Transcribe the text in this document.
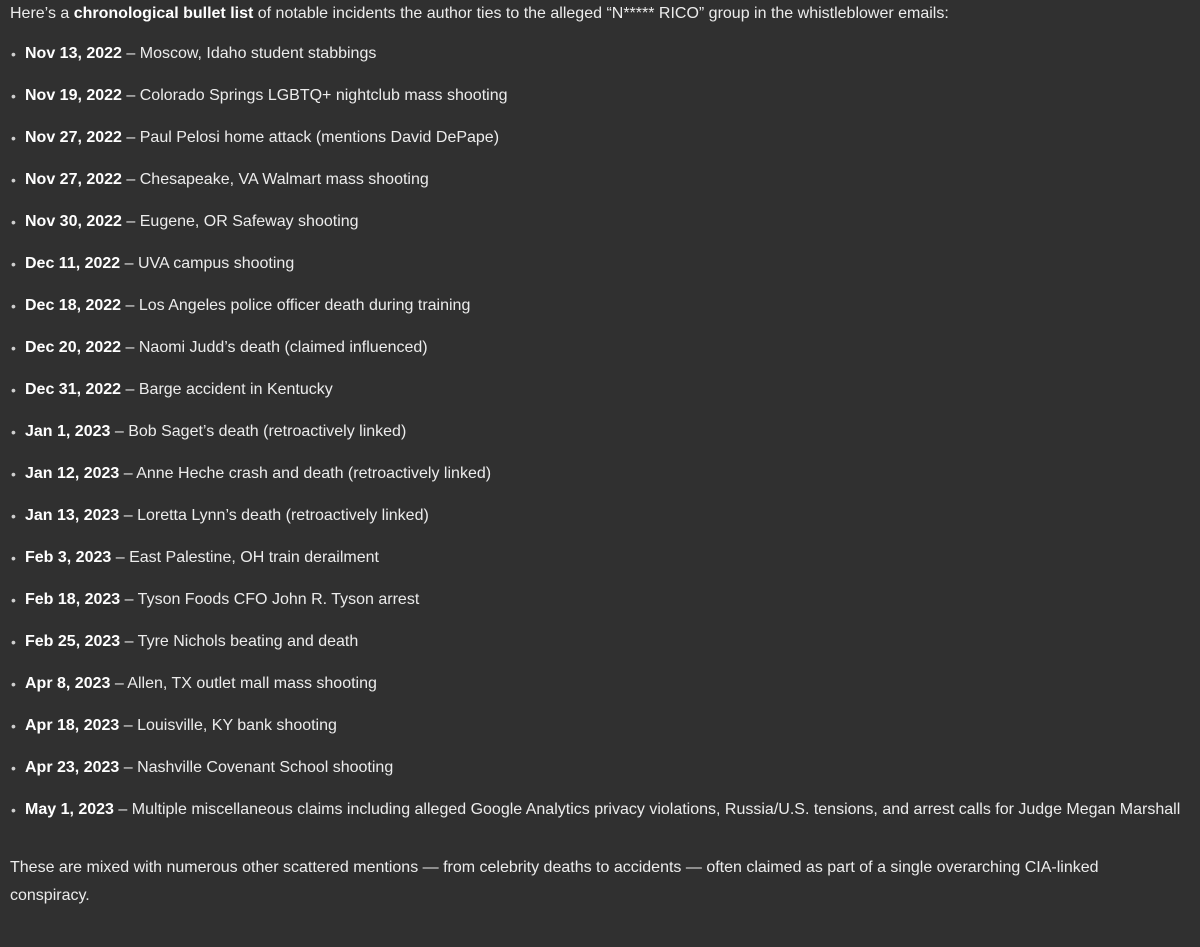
Here’s a chronological bullet list of notable incidents the author ties to the alleged “N***** RICO” group in the whistleblower emails:

• Nov 13, 2022 – Moscow, Idaho student stabbings
• Nov 19, 2022 – Colorado Springs LGBTQ+ nightclub mass shooting
• Nov 27, 2022 – Paul Pelosi home attack (mentions David DePape)
• Nov 27, 2022 – Chesapeake, VA Walmart mass shooting
• Nov 30, 2022 – Eugene, OR Safeway shooting
• Dec 11, 2022 – UVA campus shooting
• Dec 18, 2022 – Los Angeles police officer death during training
• Dec 20, 2022 – Naomi Judd’s death (claimed influenced)
• Dec 31, 2022 – Barge accident in Kentucky
• Jan 1, 2023 – Bob Saget’s death (retroactively linked)
• Jan 12, 2023 – Anne Heche crash and death (retroactively linked)
• Jan 13, 2023 – Loretta Lynn’s death (retroactively linked)
• Feb 3, 2023 – East Palestine, OH train derailment
• Feb 18, 2023 – Tyson Foods CFO John R. Tyson arrest
• Feb 25, 2023 – Tyre Nichols beating and death
• Apr 8, 2023 – Allen, TX outlet mall mass shooting
• Apr 18, 2023 – Louisville, KY bank shooting
• Apr 23, 2023 – Nashville Covenant School shooting
• May 1, 2023 – Multiple miscellaneous claims including alleged Google Analytics privacy violations, Russia/U.S. tensions, and arrest calls for Judge Megan Marshall

These are mixed with numerous other scattered mentions — from celebrity deaths to accidents — often claimed as part of a single overarching CIA-linked conspiracy.
